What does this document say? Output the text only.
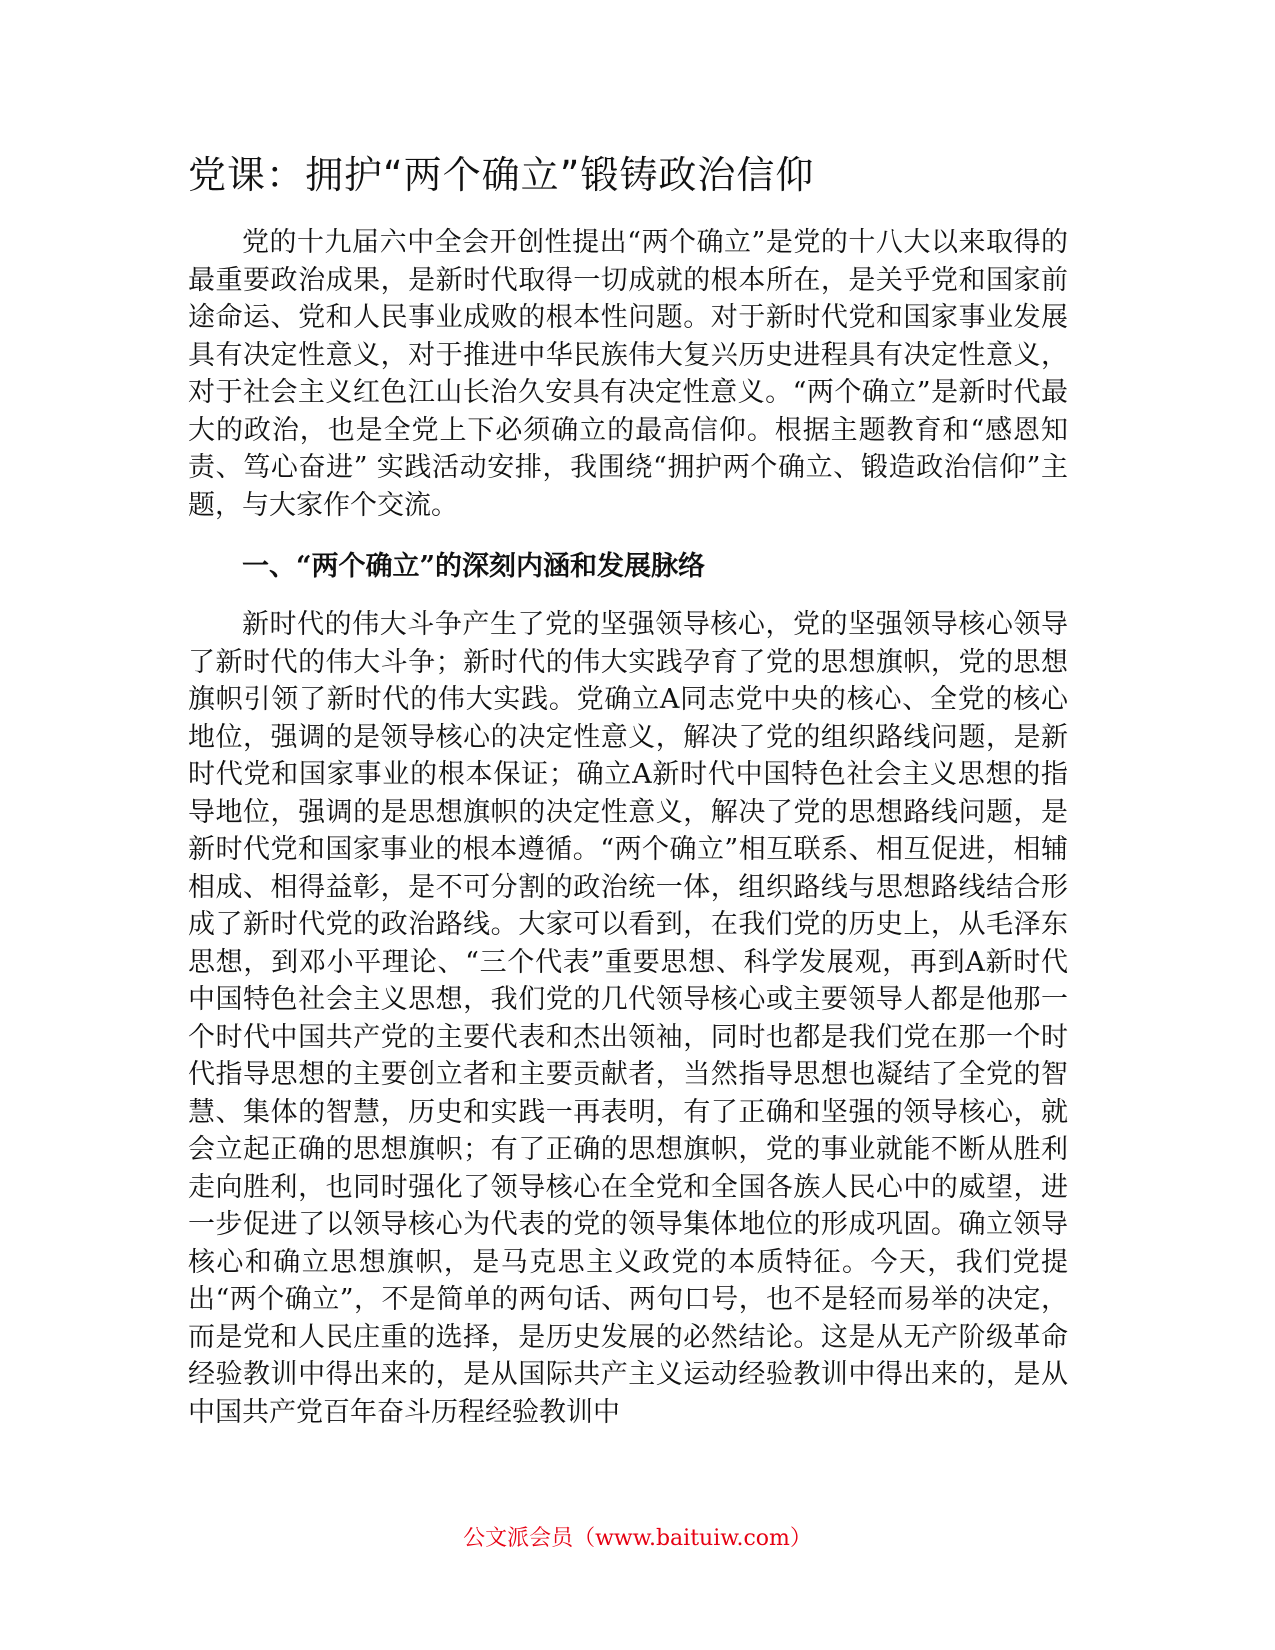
党课：拥护“两个确立”锻铸政治信仰

党的十九届六中全会开创性提出“两个确立”是党的十八大以来取得的最重要政治成果，是新时代取得一切成就的根本所在，是关乎党和国家前途命运、党和人民事业成败的根本性问题。对于新时代党和国家事业发展具有决定性意义，对于推进中华民族伟大复兴历史进程具有决定性意义，对于社会主义红色江山长治久安具有决定性意义。“两个确立”是新时代最大的政治，也是全党上下必须确立的最高信仰。根据主题教育和“感恩知责、笃心奋进” 实践活动安排，我围绕“拥护两个确立、锻造政治信仰”主题，与大家作个交流。

一、“两个确立”的深刻内涵和发展脉络

新时代的伟大斗争产生了党的坚强领导核心，党的坚强领导核心领导了新时代的伟大斗争；新时代的伟大实践孕育了党的思想旗帜，党的思想旗帜引领了新时代的伟大实践。党确立A同志党中央的核心、全党的核心地位，强调的是领导核心的决定性意义，解决了党的组织路线问题，是新时代党和国家事业的根本保证；确立A新时代中国特色社会主义思想的指导地位，强调的是思想旗帜的决定性意义，解决了党的思想路线问题，是新时代党和国家事业的根本遵循。“两个确立”相互联系、相互促进，相辅相成、相得益彰，是不可分割的政治统一体，组织路线与思想路线结合形成了新时代党的政治路线。大家可以看到，在我们党的历史上，从毛泽东思想，到邓小平理论、“三个代表”重要思想、科学发展观，再到A新时代中国特色社会主义思想，我们党的几代领导核心或主要领导人都是他那一个时代中国共产党的主要代表和杰出领袖，同时也都是我们党在那一个时代指导思想的主要创立者和主要贡献者，当然指导思想也凝结了全党的智慧、集体的智慧，历史和实践一再表明，有了正确和坚强的领导核心，就会立起正确的思想旗帜；有了正确的思想旗帜，党的事业就能不断从胜利走向胜利，也同时强化了领导核心在全党和全国各族人民心中的威望，进一步促进了以领导核心为代表的党的领导集体地位的形成巩固。确立领导核心和确立思想旗帜，是马克思主义政党的本质特征。今天，我们党提出“两个确立”，不是简单的两句话、两句口号，也不是轻而易举的决定，而是党和人民庄重的选择，是历史发展的必然结论。这是从无产阶级革命经验教训中得出来的，是从国际共产主义运动经验教训中得出来的，是从中国共产党百年奋斗历程经验教训中

公文派会员（www.baituiw.com）
